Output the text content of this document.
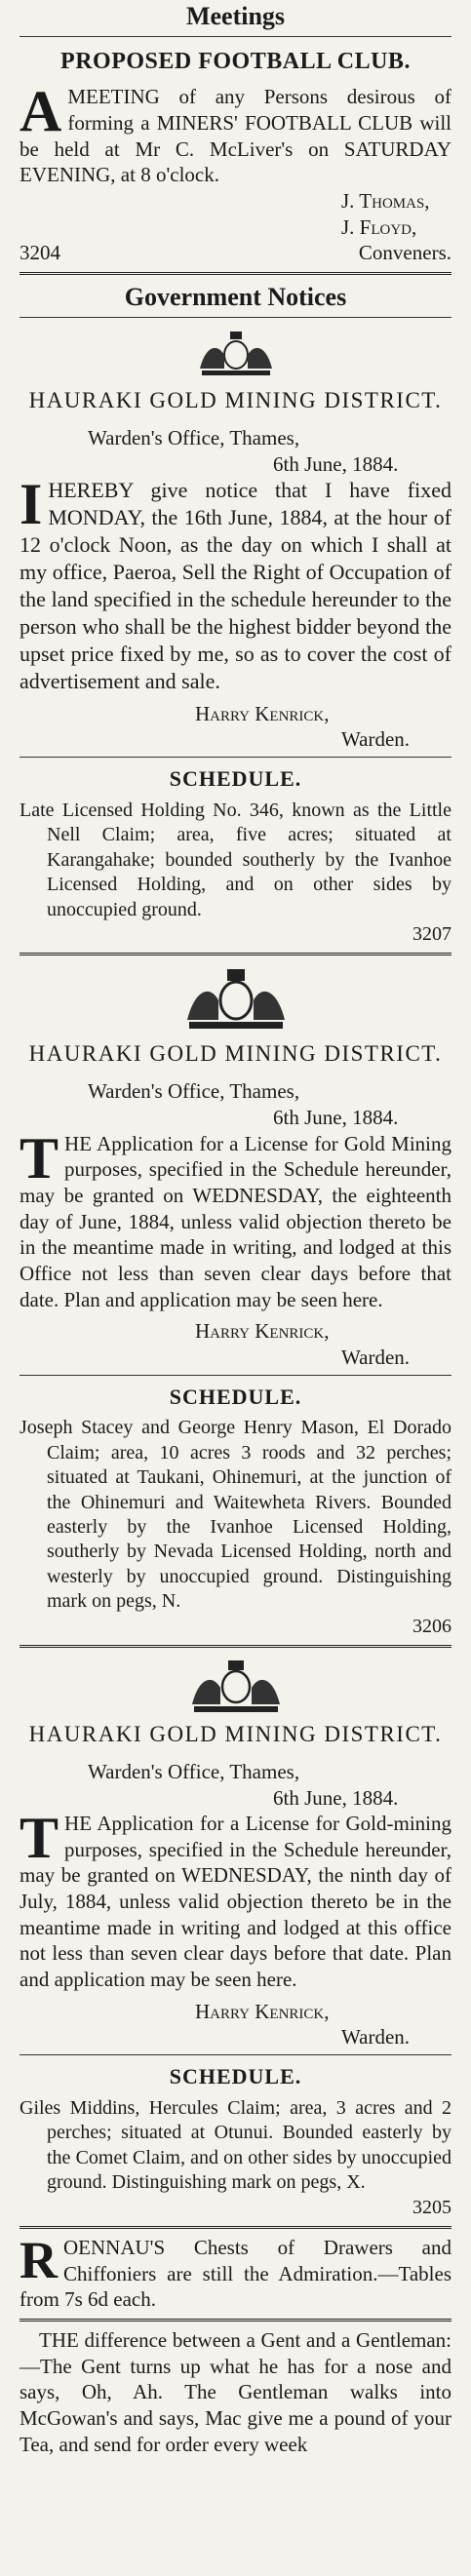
Meetings
PROPOSED FOOTBALL CLUB.
A MEETING of any Persons desirous of forming a MINERS' FOOTBALL CLUB will be held at Mr C. McLiver's on SATURDAY EVENING, at 8 o'clock.
J. Thomas,
J. Floyd,
3204	Conveners.
Government Notices
HAURAKI GOLD MINING DISTRICT.
Warden's Office, Thames,
6th June, 1884.
I HEREBY give notice that I have fixed MONDAY, the 16th June, 1884, at the hour of 12 o'clock Noon, as the day on which I shall at my office, Paeroa, Sell the Right of Occupation of the land specified in the schedule hereunder to the person who shall be the highest bidder beyond the upset price fixed by me, so as to cover the cost of advertisement and sale.
Harry Kenrick,
Warden.
SCHEDULE.
Late Licensed Holding No. 346, known as the Little Nell Claim; area, five acres; situated at Karangahake; bounded southerly by the Ivanhoe Licensed Holding, and on other sides by unoccupied ground.
3207
HAURAKI GOLD MINING DISTRICT.
Warden's Office, Thames,
6th June, 1884.
THE Application for a License for Gold Mining purposes, specified in the Schedule hereunder, may be granted on WEDNESDAY, the eighteenth day of June, 1884, unless valid objection thereto be in the meantime made in writing, and lodged at this Office not less than seven clear days before that date. Plan and application may be seen here.
Harry Kenrick,
Warden.
SCHEDULE.
Joseph Stacey and George Henry Mason, El Dorado Claim; area, 10 acres 3 roods and 32 perches; situated at Taukani, Ohinemuri, at the junction of the Ohinemuri and Waitewheta Rivers. Bounded easterly by the Ivanhoe Licensed Holding, southerly by Nevada Licensed Holding, north and westerly by unoccupied ground. Distinguishing mark on pegs, N.
3206
HAURAKI GOLD MINING DISTRICT.
Warden's Office, Thames,
6th June, 1884.
THE Application for a License for Gold-mining purposes, specified in the Schedule hereunder, may be granted on WEDNESDAY, the ninth day of July, 1884, unless valid objection thereto be in the meantime made in writing and lodged at this office not less than seven clear days before that date. Plan and application may be seen here.
Harry Kenrick,
Warden.
SCHEDULE.
Giles Middins, Hercules Claim; area, 3 acres and 2 perches; situated at Otunui. Bounded easterly by the Comet Claim, and on other sides by unoccupied ground. Distinguishing mark on pegs, X.
3205
ROENNAU'S Chests of Drawers and Chiffoniers are still the Admiration.—Tables from 7s 6d each.
THE difference between a Gent and a Gentleman:—The Gent turns up what he has for a nose and says, Oh, Ah. The Gentleman walks into McGowan's and says, Mac give me a pound of your Tea, and send for order every week
